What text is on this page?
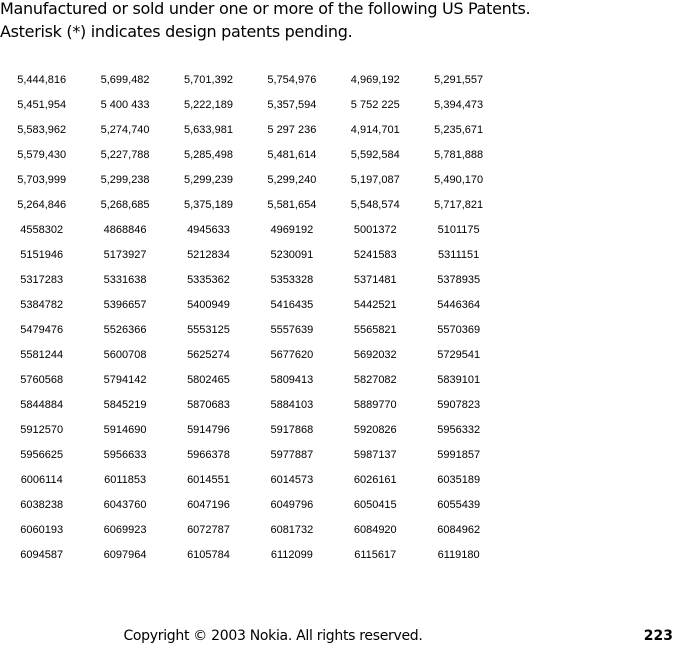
Manufactured or sold under one or more of the following US Patents.
Asterisk (*) indicates design patents pending.
5,444,816	5,699,482	5,701,392	5,754,976	4,969,192	5,291,557
5,451,954	5 400 433	5,222,189	5,357,594	5 752 225	5,394,473
5,583,962	5,274,740	5,633,981	5 297 236	4,914,701	5,235,671
5,579,430	5,227,788	5,285,498	5,481,614	5,592,584	5,781,888
5,703,999	5,299,238	5,299,239	5,299,240	5,197,087	5,490,170
5,264,846	5,268,685	5,375,189	5,581,654	5,548,574	5,717,821
4558302	4868846	4945633	4969192	5001372	5101175
5151946	5173927	5212834	5230091	5241583	5311151
5317283	5331638	5335362	5353328	5371481	5378935
5384782	5396657	5400949	5416435	5442521	5446364
5479476	5526366	5553125	5557639	5565821	5570369
5581244	5600708	5625274	5677620	5692032	5729541
5760568	5794142	5802465	5809413	5827082	5839101
5844884	5845219	5870683	5884103	5889770	5907823
5912570	5914690	5914796	5917868	5920826	5956332
5956625	5956633	5966378	5977887	5987137	5991857
6006114	6011853	6014551	6014573	6026161	6035189
6038238	6043760	6047196	6049796	6050415	6055439
6060193	6069923	6072787	6081732	6084920	6084962
6094587	6097964	6105784	6112099	6115617	6119180
Copyright © 2003 Nokia. All rights reserved.	223
